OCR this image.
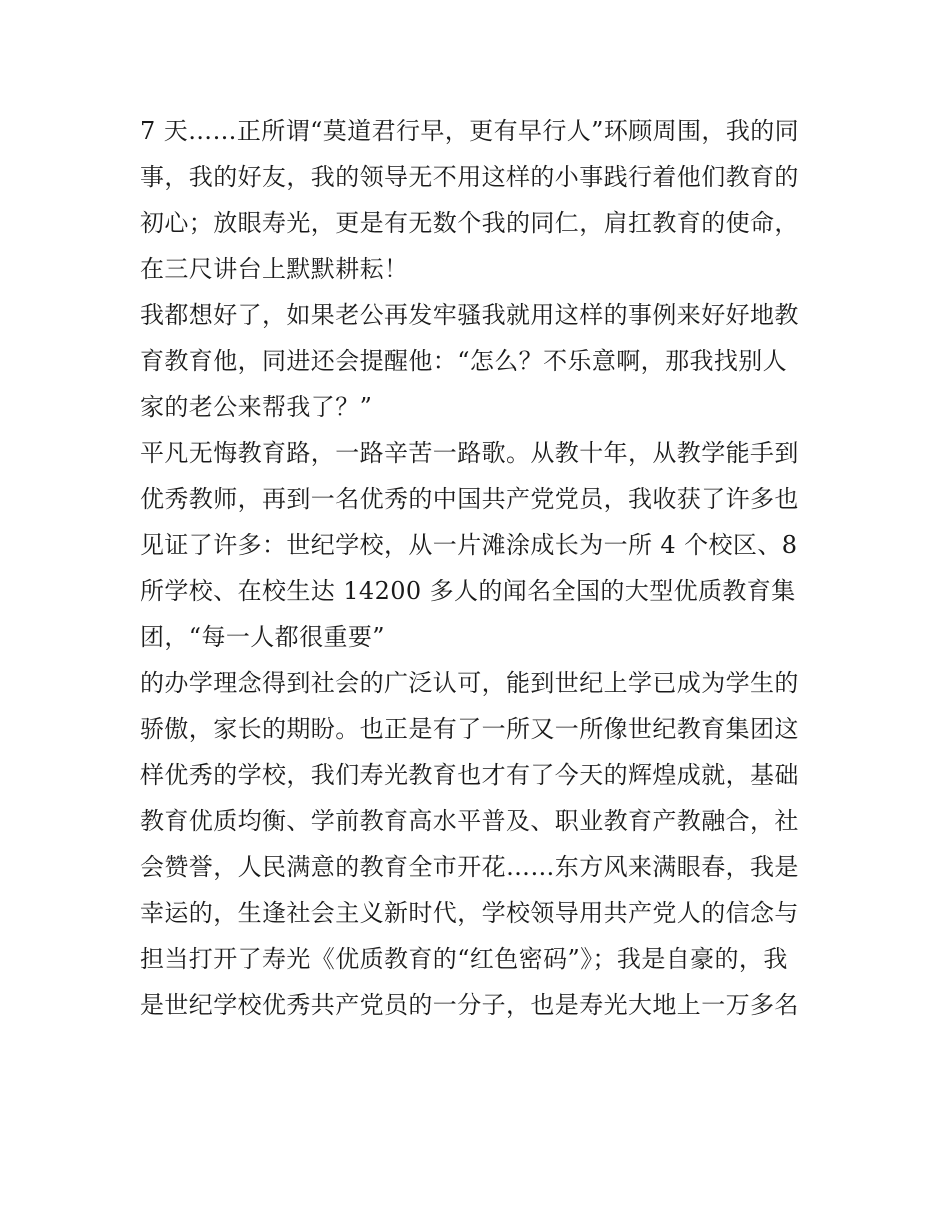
7 天……正所谓“莫道君行早，更有早行人”环顾周围，我的同
事，我的好友，我的领导无不用这样的小事践行着他们教育的
初心；放眼寿光，更是有无数个我的同仁，肩扛教育的使命，
在三尺讲台上默默耕耘！
我都想好了，如果老公再发牢骚我就用这样的事例来好好地教
育教育他，同进还会提醒他：“怎么？不乐意啊，那我找别人
家的老公来帮我了？”
平凡无悔教育路，一路辛苦一路歌。从教十年，从教学能手到
优秀教师，再到一名优秀的中国共产党党员，我收获了许多也
见证了许多：世纪学校，从一片滩涂成长为一所 4 个校区、8
所学校、在校生达 14200 多人的闻名全国的大型优质教育集
团，“每一人都很重要”
的办学理念得到社会的广泛认可，能到世纪上学已成为学生的
骄傲，家长的期盼。也正是有了一所又一所像世纪教育集团这
样优秀的学校，我们寿光教育也才有了今天的辉煌成就，基础
教育优质均衡、学前教育高水平普及、职业教育产教融合，社
会赞誉，人民满意的教育全市开花……东方风来满眼春，我是
幸运的，生逢社会主义新时代，学校领导用共产党人的信念与
担当打开了寿光《优质教育的“红色密码”》；我是自豪的，我
是世纪学校优秀共产党员的一分子，也是寿光大地上一万多名
